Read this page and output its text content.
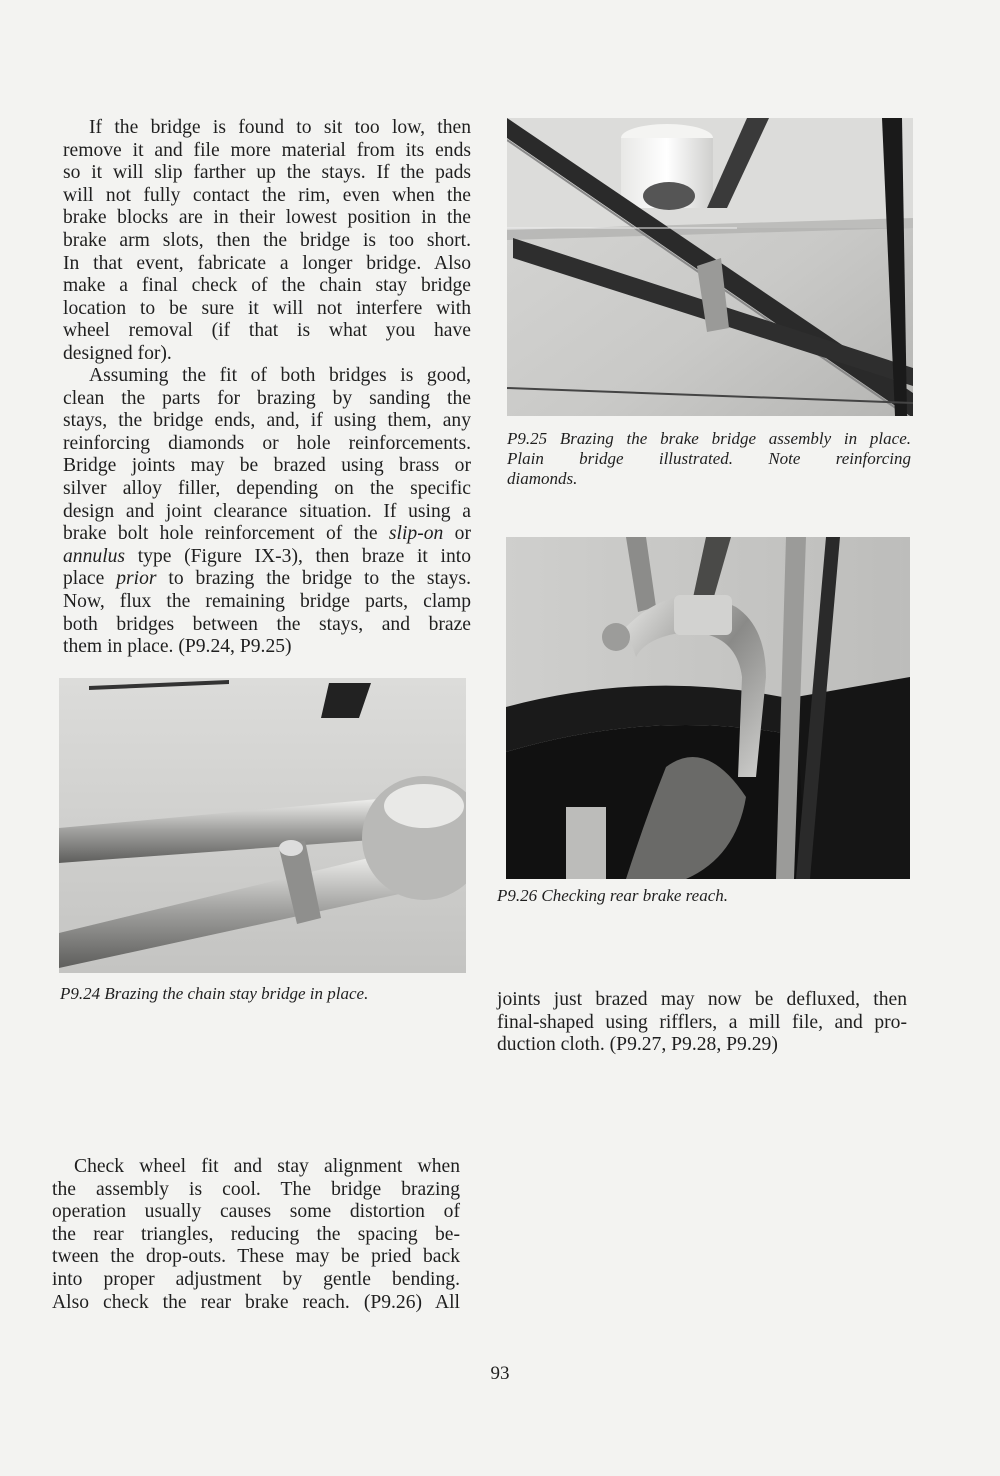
If the bridge is found to sit too low, then
remove it and file more material from its ends
so it will slip farther up the stays. If the pads
will not fully contact the rim, even when the
brake blocks are in their lowest position in the
brake arm slots, then the bridge is too short.
In that event, fabricate a longer bridge. Also
make a final check of the chain stay bridge
location to be sure it will not interfere with
wheel removal (if that is what you have
designed for).
Assuming the fit of both bridges is good,
clean the parts for brazing by sanding the
stays, the bridge ends, and, if using them, any
reinforcing diamonds or hole reinforcements.
Bridge joints may be brazed using brass or
silver alloy filler, depending on the specific
design and joint clearance situation. If using a
brake bolt hole reinforcement of the slip-on or
annulus type (Figure IX-3), then braze it into
place prior to brazing the bridge to the stays.
Now, flux the remaining bridge parts, clamp
both bridges between the stays, and braze
them in place. (P9.24, P9.25)
P9.25 Brazing the brake bridge assembly in place.
Plain bridge illustrated. Note reinforcing
diamonds.
P9.26 Checking rear brake reach.
P9.24 Brazing the chain stay bridge in place.	joints just brazed may now be defluxed, then
final-shaped using rifflers, a mill file, and pro-
duction cloth. (P9.27, P9.28, P9.29)
Check wheel fit and stay alignment when
the assembly is cool. The bridge brazing
operation usually causes some distortion of
the rear triangles, reducing the spacing be-
tween the drop-outs. These may be pried back
into proper adjustment by gentle bending.
Also check the rear brake reach. (P9.26) All
93
